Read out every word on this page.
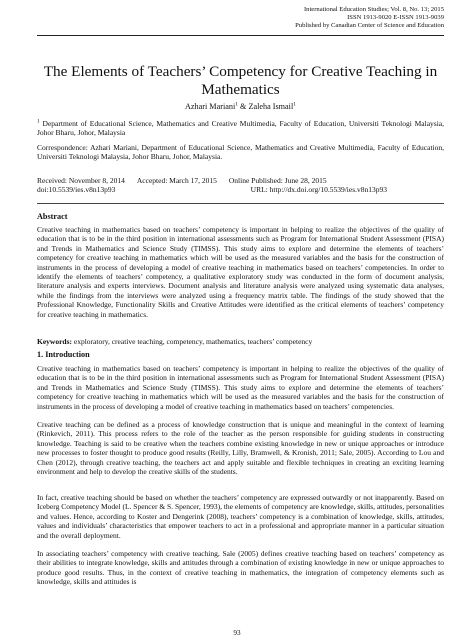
International Education Studies; Vol. 8, No. 13; 2015
ISSN 1913-9020 E-ISSN 1913-9039
Published by Canadian Center of Science and Education
The Elements of Teachers’ Competency for Creative Teaching in Mathematics
Azhari Mariani$^1$ & Zaleha Ismail$^1$
$^1$ Department of Educational Science, Mathematics and Creative Multimedia, Faculty of Education, Universiti Teknologi Malaysia, Johor Bharu, Johor, Malaysia
Correspondence: Azhari Mariani, Department of Educational Science, Mathematics and Creative Multimedia, Faculty of Education, Universiti Teknologi Malaysia, Johor Bharu, Johor, Malaysia.
Received: November 8, 2014 Accepted: March 17, 2015 Online Published: June 28, 2015
doi:10.5539/ies.v8n13p93	URL: http://dx.doi.org/10.5539/ies.v8n13p93
Abstract
Creative teaching in mathematics based on teachers’ competency is important in helping to realize the objectives of the quality of education that is to be in the third position in international assessments such as Program for International Student Assessment (PISA) and Trends in Mathematics and Science Study (TIMSS). This study aims to explore and determine the elements of teachers’ competency for creative teaching in mathematics which will be used as the measured variables and the basis for the construction of instruments in the process of developing a model of creative teaching in mathematics based on teachers’ competencies. In order to identify the elements of teachers’ competency, a qualitative exploratory study was conducted in the form of document analysis, literature analysis and experts interviews. Document analysis and literature analysis were analyzed using systematic data analyses, while the findings from the interviews were analyzed using a frequency matrix table. The findings of the study showed that the Professional Knowledge, Functionality Skills and Creative Attitudes were identified as the critical elements of teachers’ competency for creative teaching in mathematics.
Keywords: exploratory, creative teaching, competency, mathematics, teachers’ competency
1. Introduction
Creative teaching in mathematics based on teachers’ competency is important in helping to realize the objectives of the quality of education that is to be in the third position in international assessments such as Program for International Student Assessment (PISA) and Trends in Mathematics and Science Study (TIMSS). This study aims to explore and determine the elements of teachers’ competency for creative teaching in mathematics which will be used as the measured variables and the basis for the construction of instruments in the process of developing a model of creative teaching in mathematics based on teachers’ competencies.
Creative teaching can be defined as a process of knowledge construction that is unique and meaningful in the context of learning (Rinkevich, 2011). This process refers to the role of the teacher as the person responsible for guiding students in constructing knowledge. Teaching is said to be creative when the teachers combine existing knowledge in new or unique approaches or introduce new processes to foster thought to produce good results (Reilly, Lilly, Bramwell, & Kronish, 2011; Sale, 2005). According to Lou and Chen (2012), through creative teaching, the teachers act and apply suitable and flexible techniques in creating an exciting learning environment and help to develop the creative skills of the students.
In fact, creative teaching should be based on whether the teachers’ competency are expressed outwardly or not inapparently. Based on Iceberg Competency Model (L. Spencer & S. Spencer, 1993), the elements of competency are knowledge, skills, attitudes, personalities and values. Hence, according to Koster and Dengerink (2008), teachers’ competency is a combination of knowledge, skills, attitudes, values and individuals’ characteristics that empower teachers to act in a professional and appropriate manner in a particular situation and the overall deployment.
In associating teachers’ competency with creative teaching, Sale (2005) defines creative teaching based on teachers’ competency as their abilities to integrate knowledge, skills and attitudes through a combination of existing knowledge in new or unique approaches to produce good results. Thus, in the context of creative teaching in mathematics, the integration of competency elements such as knowledge, skills and attitudes is
93
